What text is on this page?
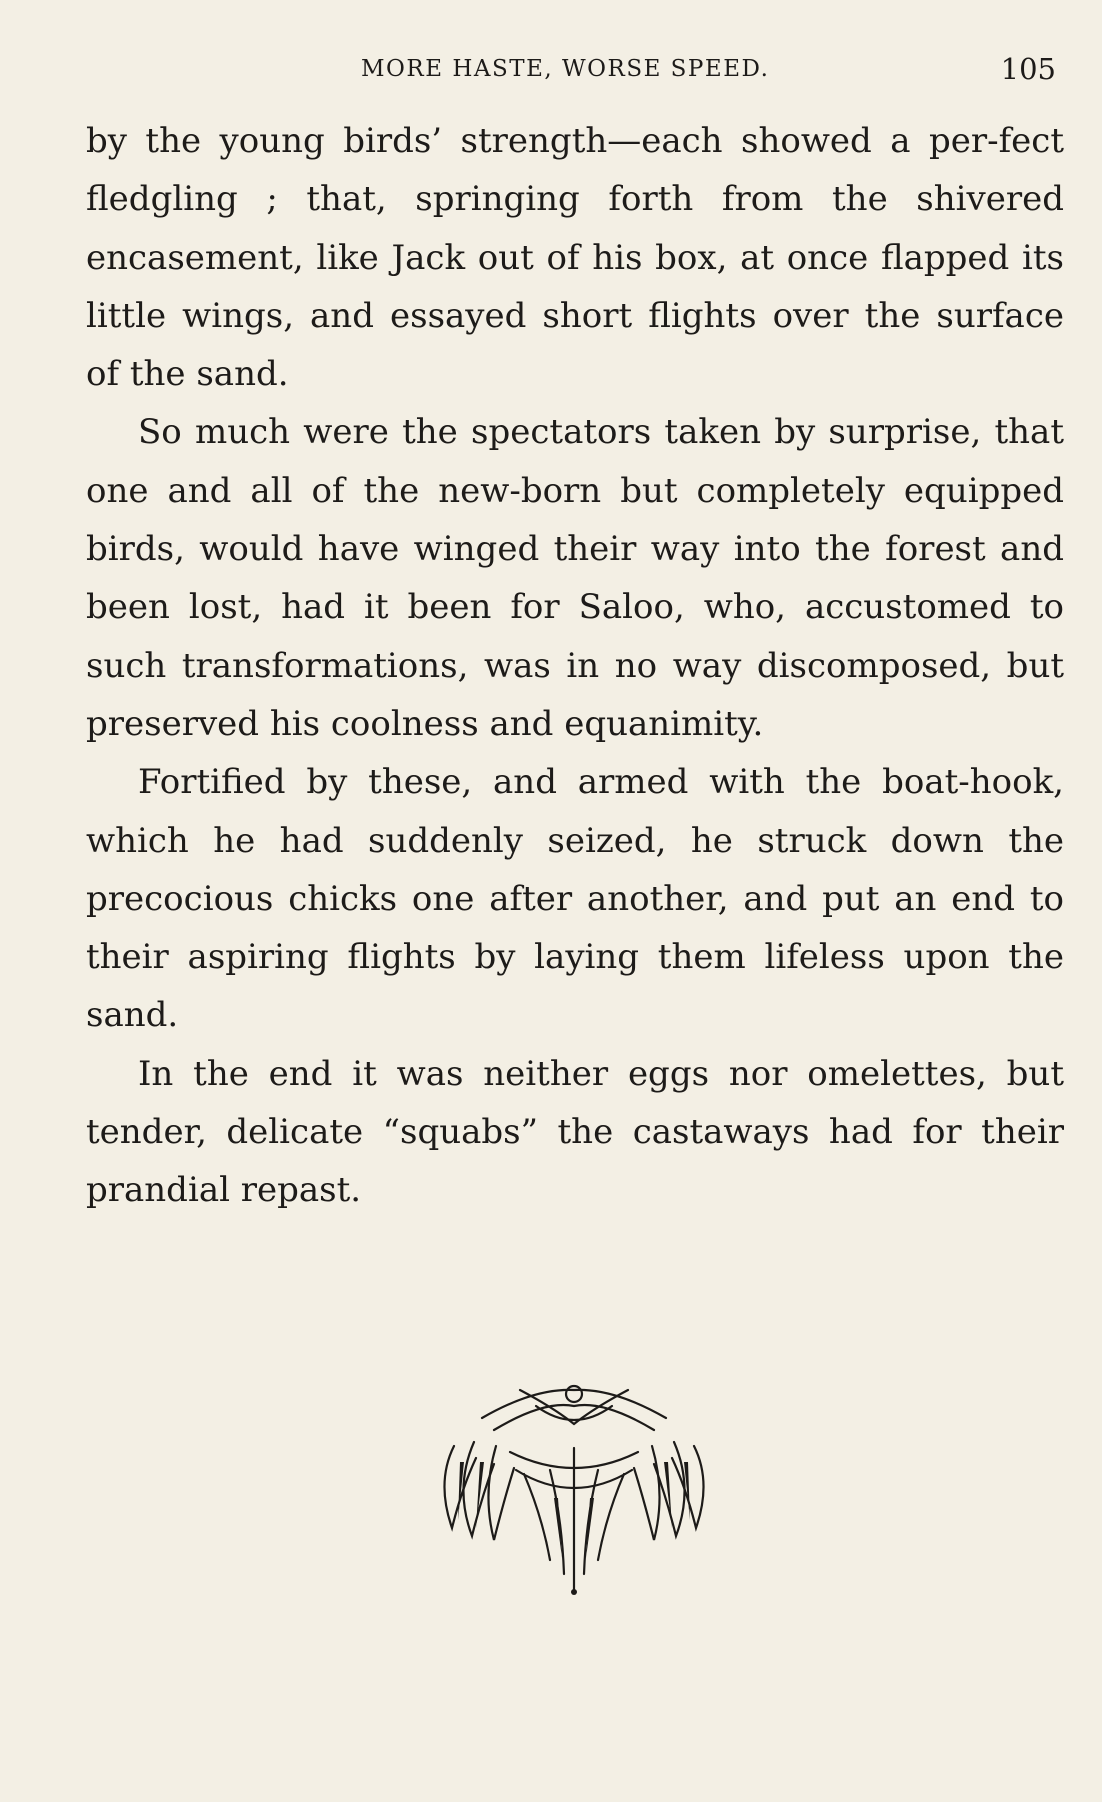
MORE HASTE, WORSE SPEED.	105

by the young birds’ strength—each showed a per-fect fledgling ; that, springing forth from the shivered encasement, like Jack out of his box, at once flapped its little wings, and essayed short flights over the surface of the sand.

So much were the spectators taken by surprise, that one and all of the new-born but completely equipped birds, would have winged their way into the forest and been lost, had it been for Saloo, who, accustomed to such transformations, was in no way discomposed, but preserved his coolness and equanimity.

Fortified by these, and armed with the boat-hook, which he had suddenly seized, he struck down the precocious chicks one after another, and put an end to their aspiring flights by laying them lifeless upon the sand.

In the end it was neither eggs nor omelettes, but tender, delicate “squabs” the castaways had for their prandial repast.
